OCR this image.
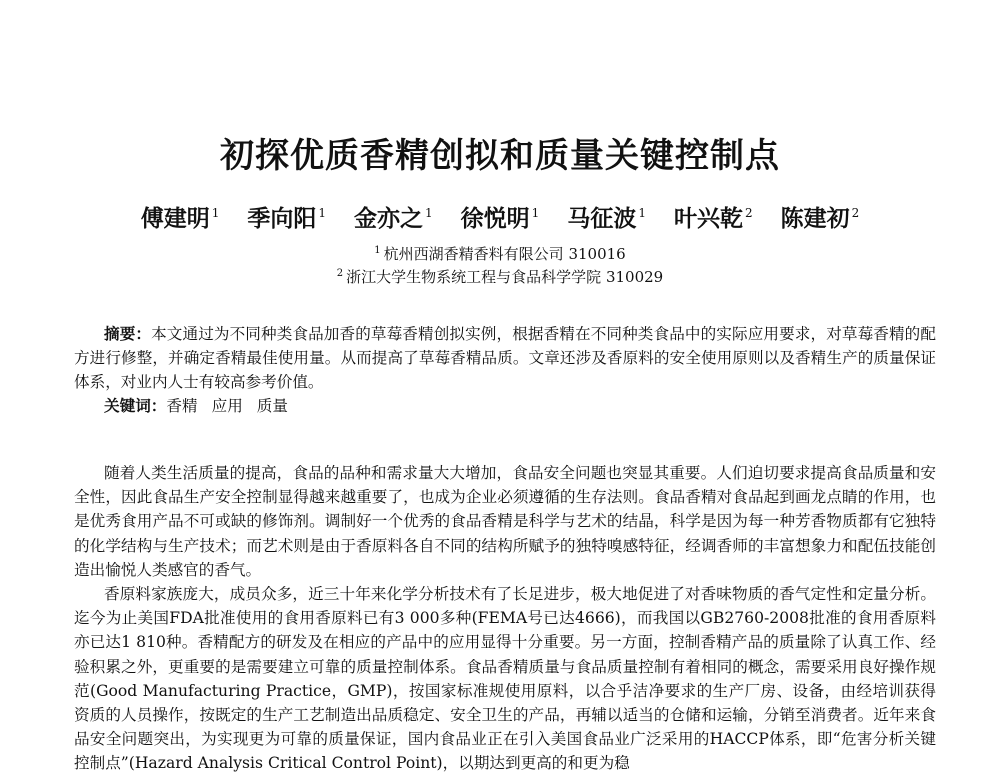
初探优质香精创拟和质量关键控制点
傅建明 $^1$ 季向阳 $^1$ 金亦之 $^1$ 徐悦明 $^1$ 马征波 $^1$ 叶兴乾 $^2$ 陈建初 $^2$
$^1$ 杭州西湖香精香料有限公司 310016
$^2$ 浙江大学生物系统工程与食品科学学院 310029

摘要：本文通过为不同种类食品加香的草莓香精创拟实例，根据香精在不同种类食品中的实际应用要求，对草莓香精的配方进行修整，并确定香精最佳使用量。从而提高了草莓香精品质。文章还涉及香原料的安全使用原则以及香精生产的质量保证体系，对业内人士有较高参考价值。

关键词：香精 应用 质量

随着人类生活质量的提高，食品的品种和需求量大大增加，食品安全问题也突显其重要。人们迫切要求提高食品质量和安全性，因此食品生产安全控制显得越来越重要了，也成为企业必须遵循的生存法则。食品香精对食品起到画龙点睛的作用，也是优秀食用产品不可或缺的修饰剂。调制好一个优秀的食品香精是科学与艺术的结晶，科学是因为每一种芳香物质都有它独特的化学结构与生产技术；而艺术则是由于香原料各自不同的结构所赋予的独特嗅感特征，经调香师的丰富想象力和配伍技能创造出愉悦人类感官的香气。

香原料家族庞大，成员众多，近三十年来化学分析技术有了长足进步，极大地促进了对香味物质的香气定性和定量分析。迄今为止美国FDA批准使用的食用香原料已有3 000多种(FEMA号已达4666)，而我国以GB2760-2008批准的食用香原料亦已达1 810种。香精配方的研发及在相应的产品中的应用显得十分重要。另一方面，控制香精产品的质量除了认真工作、经验积累之外，更重要的是需要建立可靠的质量控制体系。食品香精质量与食品质量控制有着相同的概念，需要采用良好操作规范(Good Manufacturing Practice，GMP)，按国家标准规使用原料，以合乎洁净要求的生产厂房、设备，由经培训获得资质的人员操作，按既定的生产工艺制造出品质稳定、安全卫生的产品，再辅以适当的仓储和运输，分销至消费者。近年来食品安全问题突出，为实现更为可靠的质量保证，国内食品业正在引入美国食品业广泛采用的HACCP体系，即“危害分析关键控制点”(Hazard Analysis Critical Control Point)，以期达到更高的和更为稳
